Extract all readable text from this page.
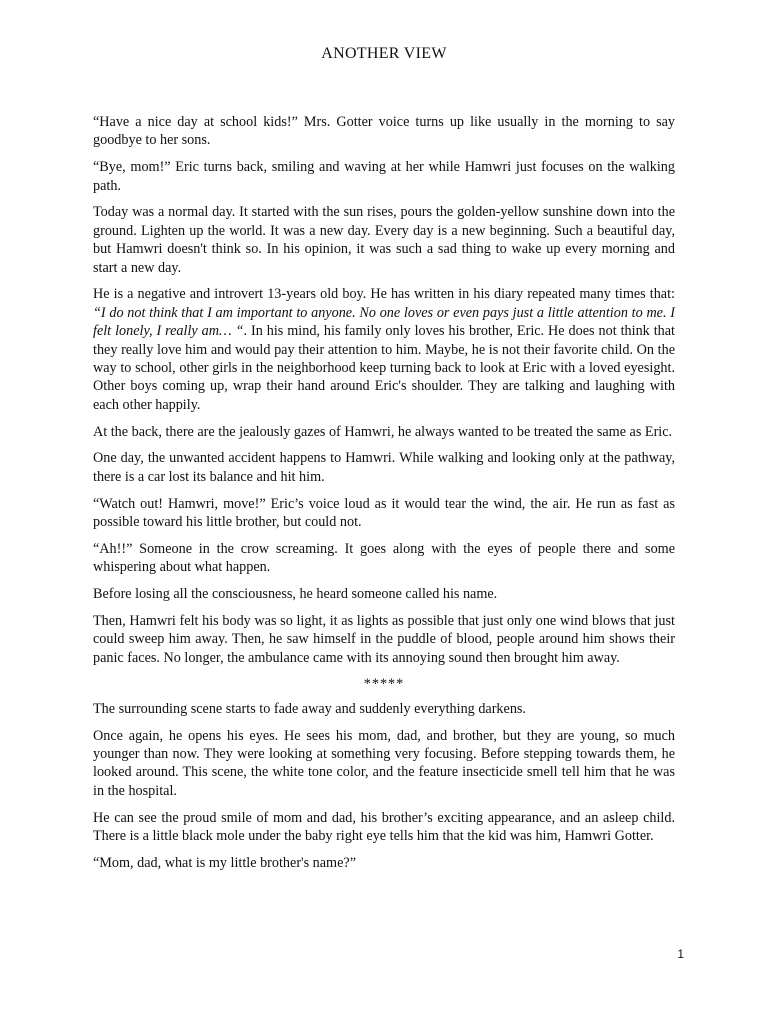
ANOTHER VIEW

“Have a nice day at school kids!” Mrs. Gotter voice turns up like usually in the morning to say goodbye to her sons.

“Bye, mom!” Eric turns back, smiling and waving at her while Hamwri just focuses on the walking path.

Today was a normal day. It started with the sun rises, pours the golden-yellow sunshine down into the ground. Lighten up the world. It was a new day. Every day is a new beginning. Such a beautiful day, but Hamwri doesn't think so. In his opinion, it was such a sad thing to wake up every morning and start a new day.

He is a negative and introvert 13-years old boy. He has written in his diary repeated many times that: “I do not think that I am important to anyone. No one loves or even pays just a little attention to me. I felt lonely, I really am… “. In his mind, his family only loves his brother, Eric. He does not think that they really love him and would pay their attention to him. Maybe, he is not their favorite child. On the way to school, other girls in the neighborhood keep turning back to look at Eric with a loved eyesight. Other boys coming up, wrap their hand around Eric's shoulder. They are talking and laughing with each other happily.

At the back, there are the jealously gazes of Hamwri, he always wanted to be treated the same as Eric.

One day, the unwanted accident happens to Hamwri. While walking and looking only at the pathway, there is a car lost its balance and hit him.

“Watch out! Hamwri, move!” Eric’s voice loud as it would tear the wind, the air. He run as fast as possible toward his little brother, but could not.

“Ah!!” Someone in the crow screaming. It goes along with the eyes of people there and some whispering about what happen.

Before losing all the consciousness, he heard someone called his name.

Then, Hamwri felt his body was so light, it as lights as possible that just only one wind blows that just could sweep him away. Then, he saw himself in the puddle of blood, people around him shows their panic faces. No longer, the ambulance came with its annoying sound then brought him away.

*****

The surrounding scene starts to fade away and suddenly everything darkens.

Once again, he opens his eyes. He sees his mom, dad, and brother, but they are young, so much younger than now. They were looking at something very focusing. Before stepping towards them, he looked around. This scene, the white tone color, and the feature insecticide smell tell him that he was in the hospital.

He can see the proud smile of mom and dad, his brother’s exciting appearance, and an asleep child. There is a little black mole under the baby right eye tells him that the kid was him, Hamwri Gotter.

“Mom, dad, what is my little brother's name?”

1
